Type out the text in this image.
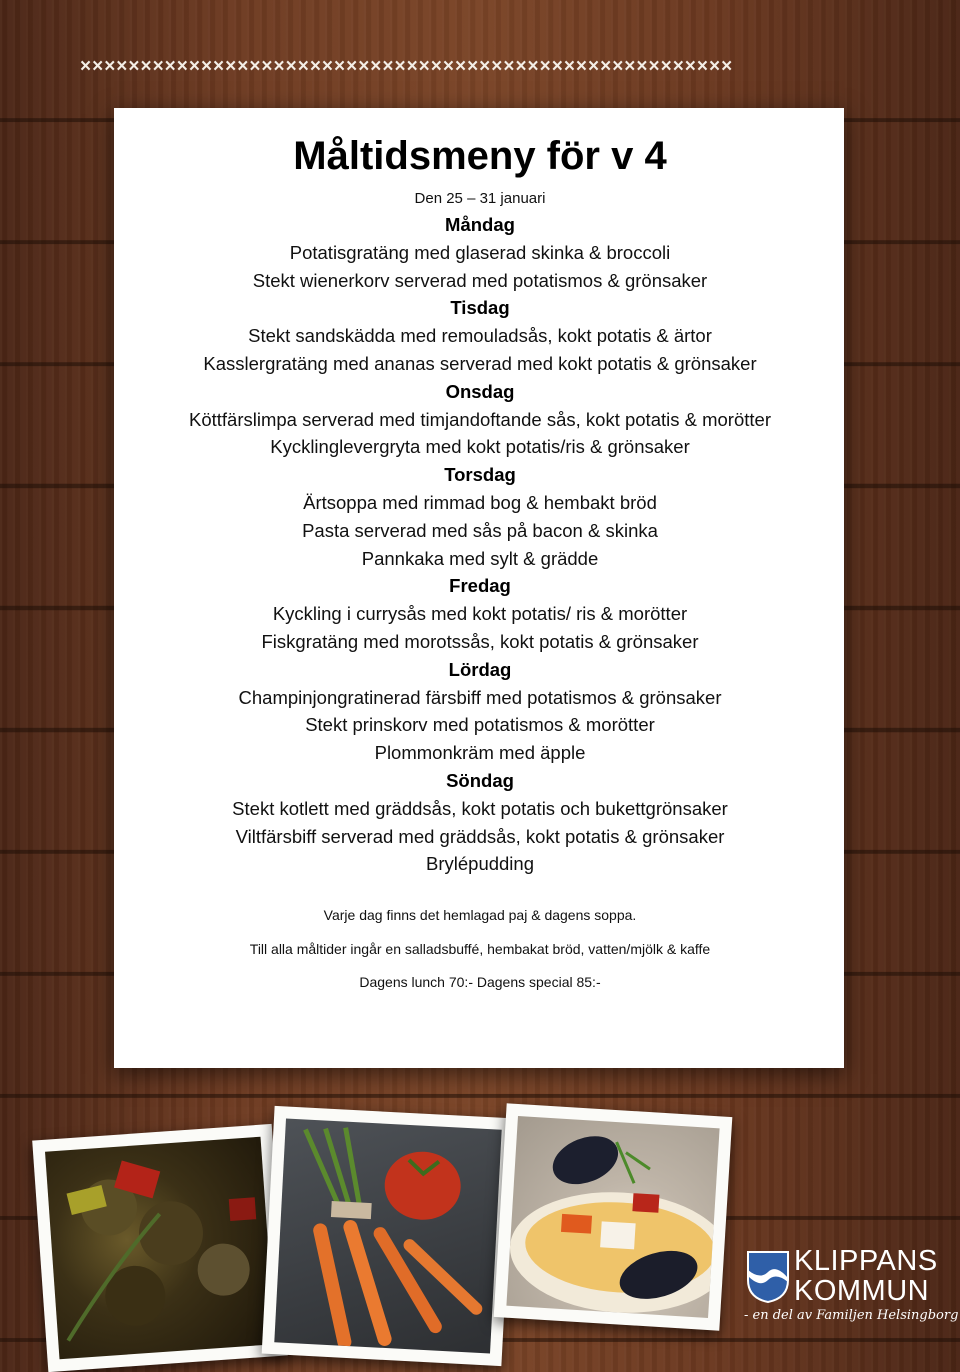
××××××××××××××××××××××××××××××××××××××××××××××××××××××
Måltidsmeny för v 4
Den 25 – 31 januari
Måndag
Potatisgratäng med glaserad skinka & broccoli
Stekt wienerkorv serverad med potatismos & grönsaker
Tisdag
Stekt sandskädda med remouladsås, kokt potatis & ärtor
Kasslergratäng med ananas serverad med kokt potatis & grönsaker
Onsdag
Köttfärslimpa serverad med timjandoftande sås, kokt potatis & morötter
Kycklinglevergryta med kokt potatis/ris & grönsaker
Torsdag
Ärtsoppa med rimmad bog & hembakt bröd
Pasta serverad med sås på bacon & skinka
Pannkaka med sylt & grädde
Fredag
Kyckling i currysås med kokt potatis/ ris & morötter
Fiskgratäng med morotssås, kokt potatis & grönsaker
Lördag
Champinjongratinerad färsbiff med potatismos & grönsaker
Stekt prinskorv med potatismos & morötter
Plommonkräm med äpple
Söndag
Stekt kotlett med gräddsås, kokt potatis och bukettgrönsaker
Viltfärsbiff serverad med gräddsås, kokt potatis & grönsaker
Brylépudding
Varje dag finns det hemlagad paj & dagens soppa.
Till alla måltider ingår en salladsbuffé, hembakat bröd, vatten/mjölk & kaffe
Dagens lunch 70:- Dagens special 85:-
KLIPPANS
KOMMUN
- en del av Familjen Helsingborg
